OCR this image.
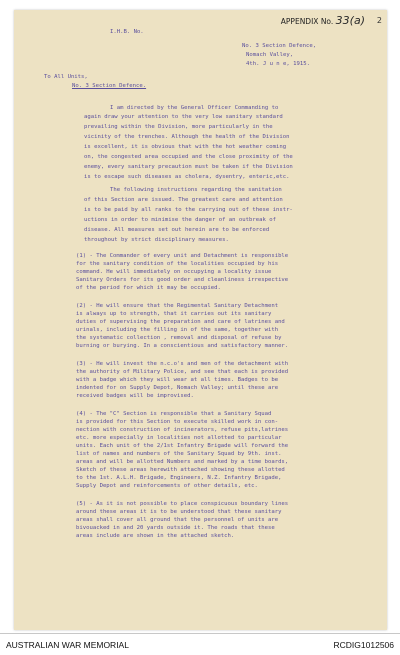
APPENDIX No. 33(a) 2
I.H.B. No.
No. 3 Section Defence,
Nomach Valley,
4th. J u n e, 1915.
To All Units,
No. 3 Section Defence.
I am directed by the General Officer Commanding to
again draw your attention to the very low sanitary standard
prevailing within the Division, more particularly in the
vicinity of the trenches. Although the health of the Division
is excellent, it is obvious that with the hot weather coming
on, the congested area occupied and the close proximity of the
enemy, every sanitary precaution must be taken if the Division
is to escape such diseases as cholera, dysentry, enteric,etc.
The following instructions regarding the sanitation
of this Section are issued. The greatest care and attention
is to be paid by all ranks to the carrying out of these instr-
uctions in order to minimise the danger of an outbreak of
disease. All measures set out herein are to be enforced
throughout by strict disciplinary measures.
(1) - The Commander of every unit and Detachment is responsible
for the sanitary condition of the localities occupied by his
command. He will immediately on occupying a locality issue
Sanitary Orders for its good order and cleanliness irrespective
of the period for which it may be occupied.
(2) - He will ensure that the Regimental Sanitary Detachment
is always up to strength, that it carries out its sanitary
duties of supervising the preparation and care of latrines and
urinals, including the filling in of the same, together with
the systematic collection , removal and disposal of refuse by
burning or burying. In a conscientious and satisfactory manner.
(3) - He will invest the n.c.o's and men of the detachment with
the authority of Military Police, and see that each is provided
with a badge which they will wear at all times. Badges to be
indented for on Supply Depot, Nomach Valley; until these are
received badges will be improvised.
(4) - The "C" Section is responsible that a Sanitary Squad
is provided for this Section to execute skilled work in con-
nection with construction of incinerators, refuse pits,latrines
etc. more especially in localities not allotted to particular
units. Each unit of the 2/1st Infantry Brigade will forward the
list of names and numbers of the Sanitary Squad by 9th. inst.
areas and will be allotted Numbers and marked by a time boards,
Sketch of these areas herewith attached showing these allotted
to the 1st. A.L.H. Brigade, Engineers, N.Z. Infantry Brigade,
Supply Depot and reinforcements of other details, etc.
(5) - As it is not possible to place conspicuous boundary lines
around these areas it is to be understood that these sanitary
areas shall cover all ground that the personnel of units are
bivouacked in and 20 yards outside it. The roads that these
areas include are shown in the attached sketch.
AUSTRALIAN WAR MEMORIAL	RCDIG1012506
